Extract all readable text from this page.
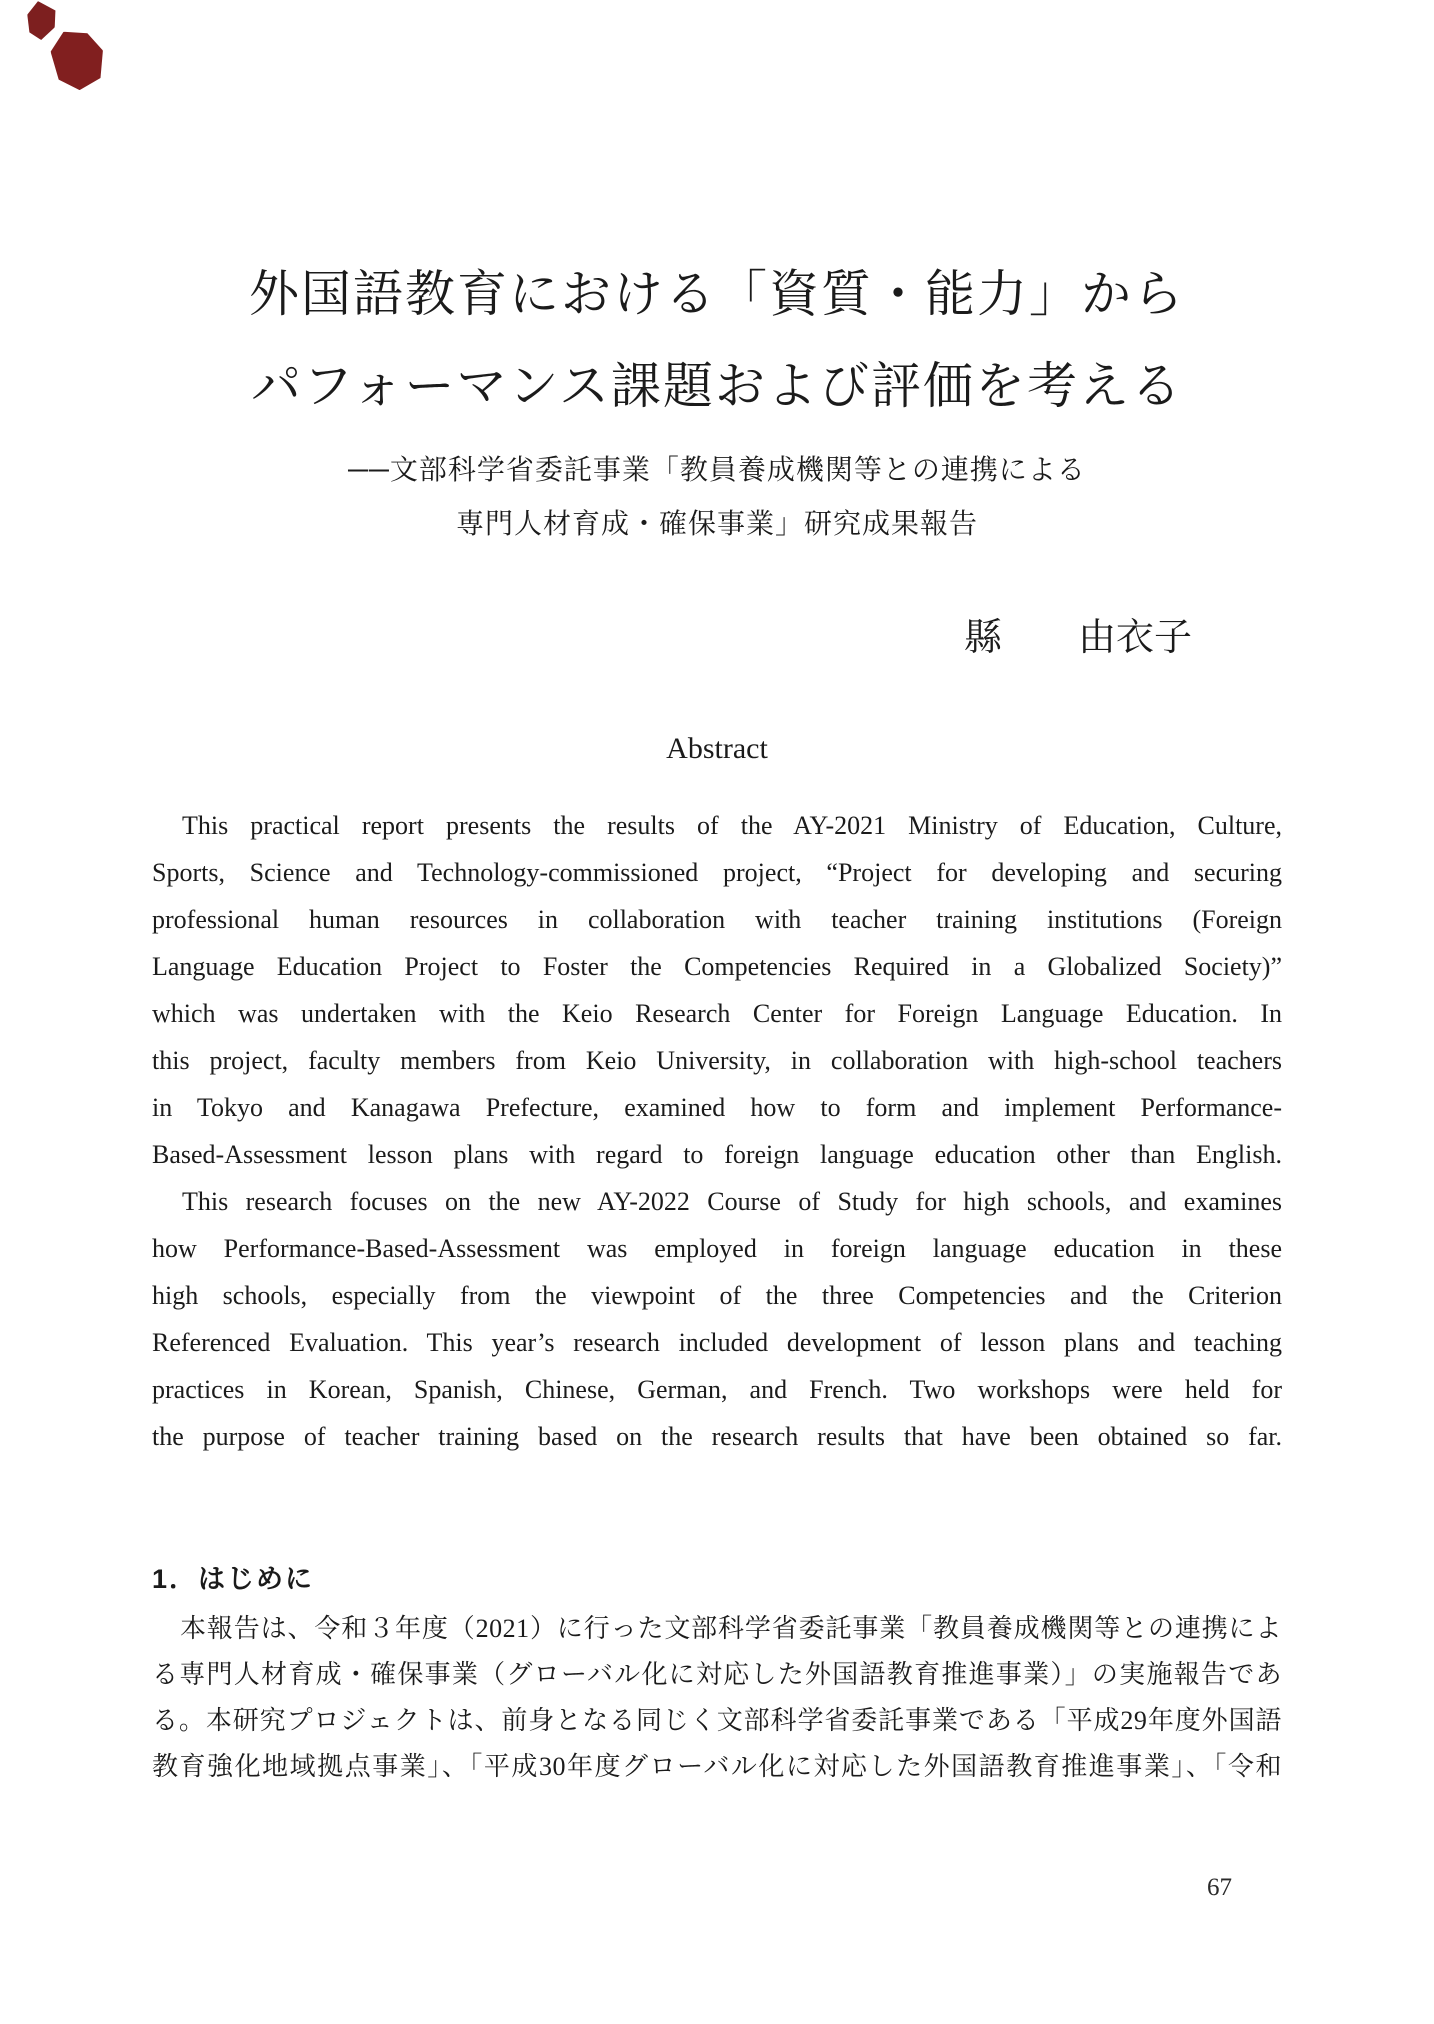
外国語教育における「資質・能力」から
パフォーマンス課題および評価を考える
──文部科学省委託事業「教員養成機関等との連携による
専門人材育成・確保事業」研究成果報告
縣　　由衣子
Abstract
This practical report presents the results of the AY-2021 Ministry of Education, Culture,
Sports, Science and Technology-commissioned project, “Project for developing and securing
professional human resources in collaboration with teacher training institutions (Foreign
Language Education Project to Foster the Competencies Required in a Globalized Society)”
which was undertaken with the Keio Research Center for Foreign Language Education. In
this project, faculty members from Keio University, in collaboration with high-school teachers
in Tokyo and Kanagawa Prefecture, examined how to form and implement Performance-
Based-Assessment lesson plans with regard to foreign language education other than English.
This research focuses on the new AY-2022 Course of Study for high schools, and examines
how Performance-Based-Assessment was employed in foreign language education in these
high schools, especially from the viewpoint of the three Competencies and the Criterion
Referenced Evaluation. This year’s research included development of lesson plans and teaching
practices in Korean, Spanish, Chinese, German, and French. Two workshops were held for
the purpose of teacher training based on the research results that have been obtained so far.
1．はじめに
本報告は、令和３年度（2021）に行った文部科学省委託事業「教員養成機関等との連携によ
る専門人材育成・確保事業（グローバル化に対応した外国語教育推進事業）」の実施報告であ
る。本研究プロジェクトは、前身となる同じく文部科学省委託事業である「平成29年度外国語
教育強化地域拠点事業」、「平成30年度グローバル化に対応した外国語教育推進事業」、「令和
67
